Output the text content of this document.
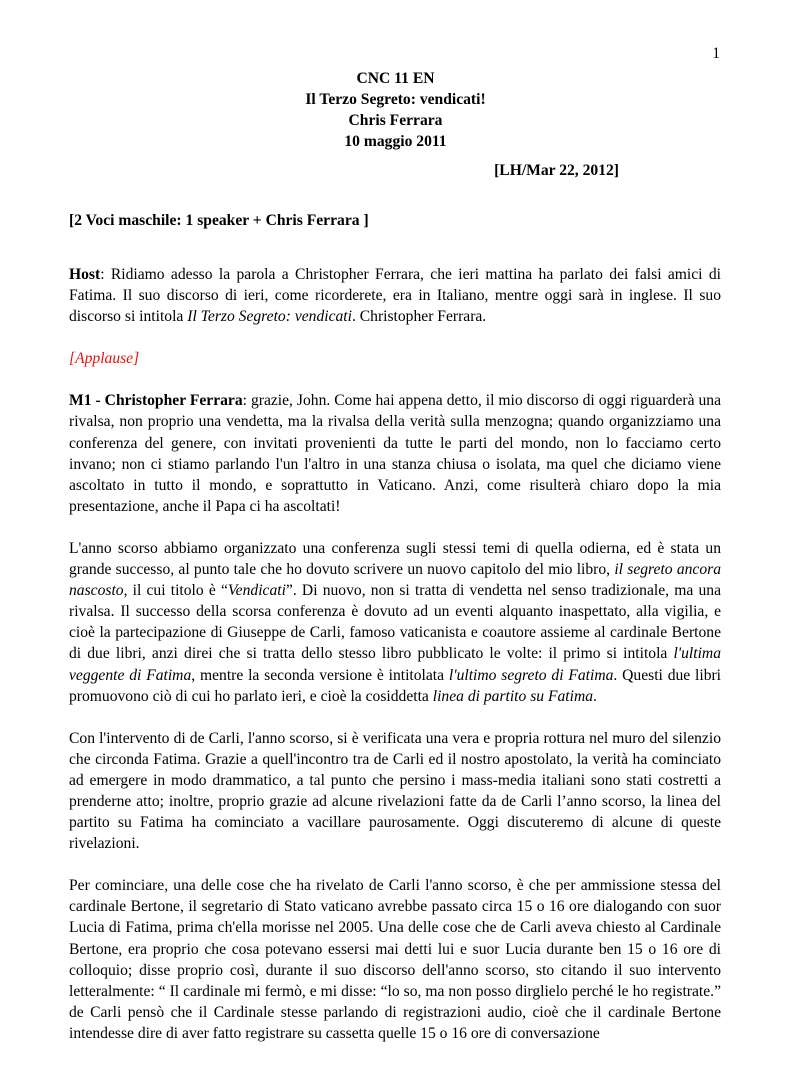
1
CNC 11 EN
Il Terzo Segreto: vendicati!
Chris Ferrara
10 maggio 2011
[LH/Mar 22, 2012]
[2 Voci maschile: 1 speaker + Chris Ferrara ]

Host: Ridiamo adesso la parola a Christopher Ferrara, che ieri mattina ha parlato dei falsi amici di Fatima. Il suo discorso di ieri, come ricorderete, era in Italiano, mentre oggi sarà in inglese. Il suo discorso si intitola Il Terzo Segreto: vendicati. Christopher Ferrara.

[Applause]

M1 - Christopher Ferrara: grazie, John. Come hai appena detto, il mio discorso di oggi riguarderà una rivalsa, non proprio una vendetta, ma la rivalsa della verità sulla menzogna; quando organizziamo una conferenza del genere, con invitati provenienti da tutte le parti del mondo, non lo facciamo certo invano; non ci stiamo parlando l'un l'altro in una stanza chiusa o isolata, ma quel che diciamo viene ascoltato in tutto il mondo, e soprattutto in Vaticano. Anzi, come risulterà chiaro dopo la mia presentazione, anche il Papa ci ha ascoltati!

L'anno scorso abbiamo organizzato una conferenza sugli stessi temi di quella odierna, ed è stata un grande successo, al punto tale che ho dovuto scrivere un nuovo capitolo del mio libro, il segreto ancora nascosto, il cui titolo è “Vendicati”. Di nuovo, non si tratta di vendetta nel senso tradizionale, ma una rivalsa. Il successo della scorsa conferenza è dovuto ad un eventi alquanto inaspettato, alla vigilia, e cioè la partecipazione di Giuseppe de Carli, famoso vaticanista e coautore assieme al cardinale Bertone di due libri, anzi direi che si tratta dello stesso libro pubblicato le volte: il primo si intitola l'ultima veggente di Fatima, mentre la seconda versione è intitolata l'ultimo segreto di Fatima. Questi due libri promuovono ciò di cui ho parlato ieri, e cioè la cosiddetta linea di partito su Fatima.

Con l'intervento di de Carli, l'anno scorso, si è verificata una vera e propria rottura nel muro del silenzio che circonda Fatima. Grazie a quell'incontro tra de Carli ed il nostro apostolato, la verità ha cominciato ad emergere in modo drammatico, a tal punto che persino i mass-media italiani sono stati costretti a prenderne atto; inoltre, proprio grazie ad alcune rivelazioni fatte da de Carli l’anno scorso, la linea del partito su Fatima ha cominciato a vacillare paurosamente. Oggi discuteremo di alcune di queste rivelazioni.

Per cominciare, una delle cose che ha rivelato de Carli l'anno scorso, è che per ammissione stessa del cardinale Bertone, il segretario di Stato vaticano avrebbe passato circa 15 o 16 ore dialogando con suor Lucia di Fatima, prima ch'ella morisse nel 2005. Una delle cose che de Carli aveva chiesto al Cardinale Bertone, era proprio che cosa potevano essersi mai detti lui e suor Lucia durante ben 15 o 16 ore di colloquio; disse proprio così, durante il suo discorso dell'anno scorso, sto citando il suo intervento letteralmente: “ Il cardinale mi fermò, e mi disse: “lo so, ma non posso dirglielo perché le ho registrate.” de Carli pensò che il Cardinale stesse parlando di registrazioni audio, cioè che il cardinale Bertone intendesse dire di aver fatto registrare su cassetta quelle 15 o 16 ore di conversazione
